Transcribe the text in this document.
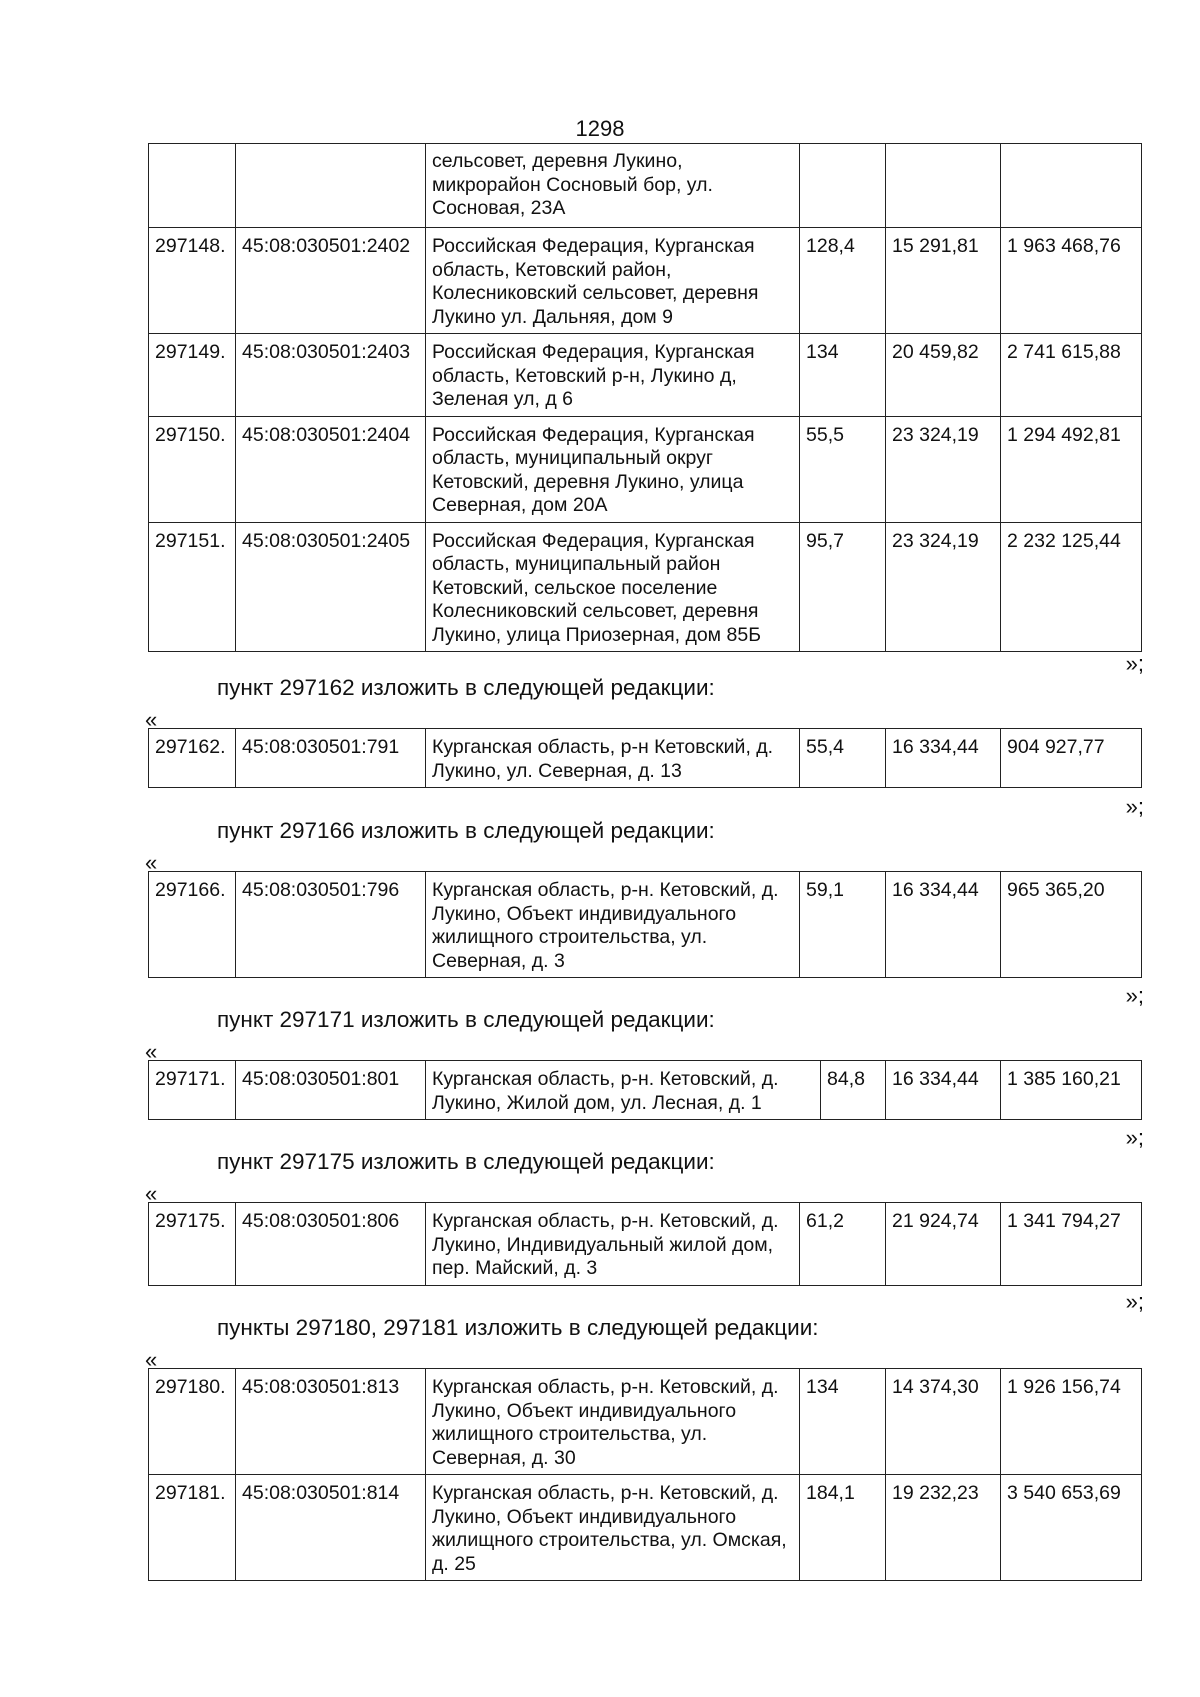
1298
		сельсовет, деревня Лукино, микрорайон Сосновый бор, ул. Сосновая, 23А			
297148.	45:08:030501:2402	Российская Федерация, Курганская область, Кетовский район, Колесниковский сельсовет, деревня Лукино ул. Дальняя, дом 9	128,4	15 291,81	1 963 468,76
297149.	45:08:030501:2403	Российская Федерация, Курганская область, Кетовский р-н, Лукино д, Зеленая ул, д 6	134	20 459,82	2 741 615,88
297150.	45:08:030501:2404	Российская Федерация, Курганская область, муниципальный округ Кетовский, деревня Лукино, улица Северная, дом 20А	55,5	23 324,19	1 294 492,81
297151.	45:08:030501:2405	Российская Федерация, Курганская область, муниципальный район Кетовский, сельское поселение Колесниковский сельсовет, деревня Лукино, улица Приозерная, дом 85Б	95,7	23 324,19	2 232 125,44
»;
пункт 297162 изложить в следующей редакции:
«
297162.	45:08:030501:791	Курганская область, р-н Кетовский, д. Лукино, ул. Северная, д. 13	55,4	16 334,44	904 927,77
»;
пункт 297166 изложить в следующей редакции:
«
297166.	45:08:030501:796	Курганская область, р-н. Кетовский, д. Лукино, Объект индивидуального жилищного строительства, ул. Северная, д. 3	59,1	16 334,44	965 365,20
»;
пункт 297171 изложить в следующей редакции:
«
297171.	45:08:030501:801	Курганская область, р-н. Кетовский, д. Лукино, Жилой дом, ул. Лесная, д. 1	84,8	16 334,44	1 385 160,21
»;
пункт 297175 изложить в следующей редакции:
«
297175.	45:08:030501:806	Курганская область, р-н. Кетовский, д. Лукино, Индивидуальный жилой дом, пер. Майский, д. 3	61,2	21 924,74	1 341 794,27
»;
пункты 297180, 297181 изложить в следующей редакции:
«
297180.	45:08:030501:813	Курганская область, р-н. Кетовский, д. Лукино, Объект индивидуального жилищного строительства, ул. Северная, д. 30	134	14 374,30	1 926 156,74
297181.	45:08:030501:814	Курганская область, р-н. Кетовский, д. Лукино, Объект индивидуального жилищного строительства, ул. Омская, д. 25	184,1	19 232,23	3 540 653,69
